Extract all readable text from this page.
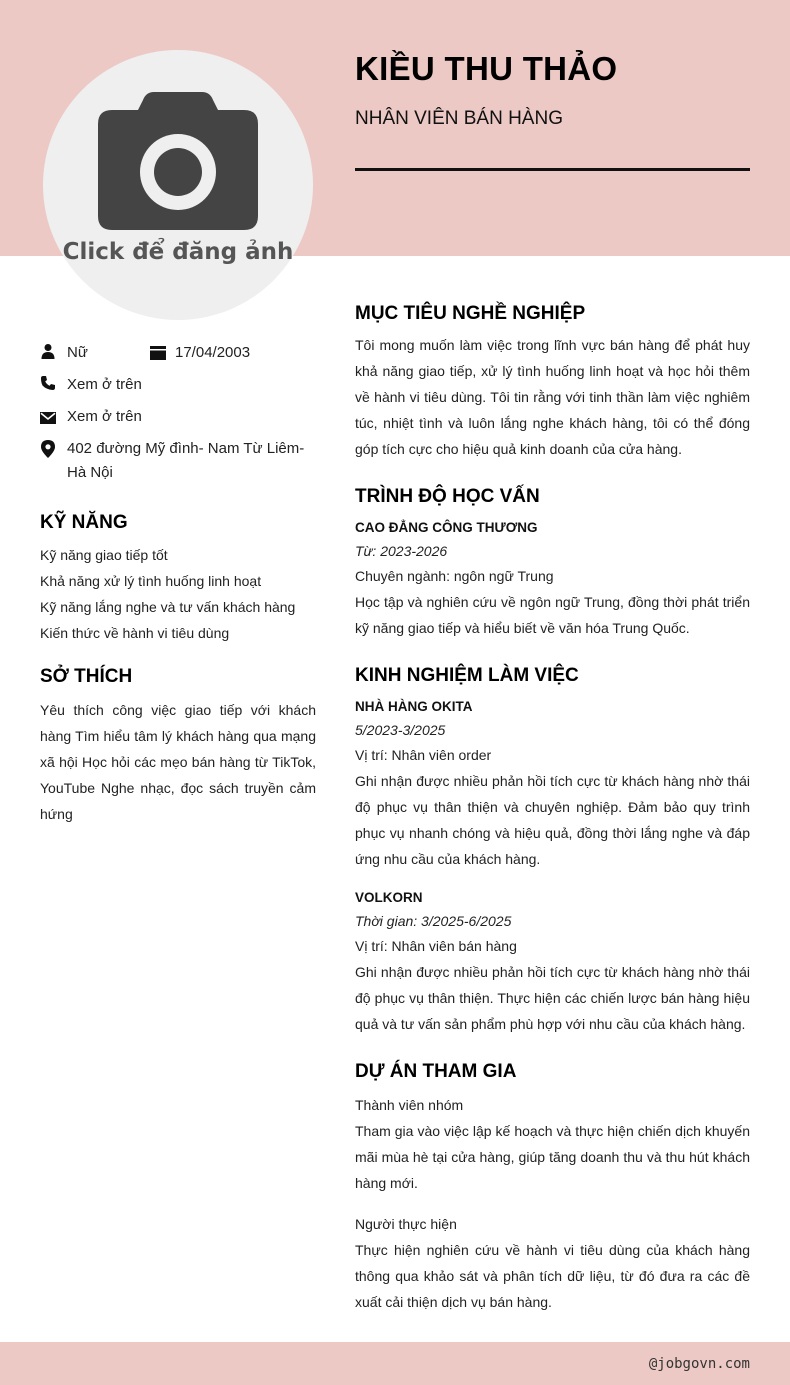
Click để đăng ảnh
KIỀU THU THẢO
NHÂN VIÊN BÁN HÀNG
Nữ	17/04/2003
Xem ở trên
Xem ở trên
402 đường Mỹ đình- Nam Từ Liêm- Hà Nội
KỸ NĂNG
Kỹ năng giao tiếp tốt
Khả năng xử lý tình huống linh hoạt
Kỹ năng lắng nghe và tư vấn khách hàng
Kiến thức về hành vi tiêu dùng
SỞ THÍCH
Yêu thích công việc giao tiếp với khách hàng Tìm hiểu tâm lý khách hàng qua mạng xã hội Học hỏi các mẹo bán hàng từ TikTok, YouTube Nghe nhạc, đọc sách truyền cảm hứng
MỤC TIÊU NGHỀ NGHIỆP
Tôi mong muốn làm việc trong lĩnh vực bán hàng để phát huy khả năng giao tiếp, xử lý tình huống linh hoạt và học hỏi thêm về hành vi tiêu dùng. Tôi tin rằng với tinh thần làm việc nghiêm túc, nhiệt tình và luôn lắng nghe khách hàng, tôi có thể đóng góp tích cực cho hiệu quả kinh doanh của cửa hàng.
TRÌNH ĐỘ HỌC VẤN
CAO ĐẲNG CÔNG THƯƠNG
Từ: 2023-2026
Chuyên ngành: ngôn ngữ Trung
Học tập và nghiên cứu về ngôn ngữ Trung, đồng thời phát triển kỹ năng giao tiếp và hiểu biết về văn hóa Trung Quốc.
KINH NGHIỆM LÀM VIỆC
NHÀ HÀNG OKITA
5/2023-3/2025
Vị trí: Nhân viên order
Ghi nhận được nhiều phản hồi tích cực từ khách hàng nhờ thái độ phục vụ thân thiện và chuyên nghiệp. Đảm bảo quy trình phục vụ nhanh chóng và hiệu quả, đồng thời lắng nghe và đáp ứng nhu cầu của khách hàng.
VOLKORN
Thời gian: 3/2025-6/2025
Vị trí: Nhân viên bán hàng
Ghi nhận được nhiều phản hồi tích cực từ khách hàng nhờ thái độ phục vụ thân thiện. Thực hiện các chiến lược bán hàng hiệu quả và tư vấn sản phẩm phù hợp với nhu cầu của khách hàng.
DỰ ÁN THAM GIA
Thành viên nhóm
Tham gia vào việc lập kế hoạch và thực hiện chiến dịch khuyến mãi mùa hè tại cửa hàng, giúp tăng doanh thu và thu hút khách hàng mới.
Người thực hiện
Thực hiện nghiên cứu về hành vi tiêu dùng của khách hàng thông qua khảo sát và phân tích dữ liệu, từ đó đưa ra các đề xuất cải thiện dịch vụ bán hàng.
@jobgovn.com
